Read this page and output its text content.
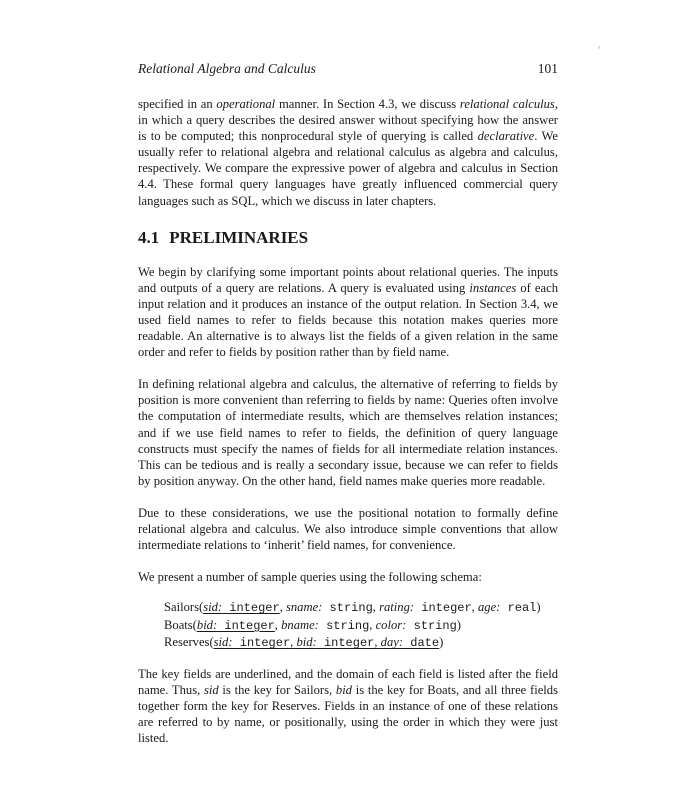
Relational Algebra and Calculus	101

specified in an operational manner. In Section 4.3, we discuss relational calculus, in which a query describes the desired answer without specifying how the answer is to be computed; this nonprocedural style of querying is called declarative. We usually refer to relational algebra and relational calculus as algebra and calculus, respectively. We compare the expressive power of algebra and calculus in Section 4.4. These formal query languages have greatly influenced commercial query languages such as SQL, which we discuss in later chapters.

4.1 PRELIMINARIES

We begin by clarifying some important points about relational queries. The inputs and outputs of a query are relations. A query is evaluated using instances of each input relation and it produces an instance of the output relation. In Section 3.4, we used field names to refer to fields because this notation makes queries more readable. An alternative is to always list the fields of a given relation in the same order and refer to fields by position rather than by field name.

In defining relational algebra and calculus, the alternative of referring to fields by position is more convenient than referring to fields by name: Queries often involve the computation of intermediate results, which are themselves relation instances; and if we use field names to refer to fields, the definition of query language constructs must specify the names of fields for all intermediate relation instances. This can be tedious and is really a secondary issue, because we can refer to fields by position anyway. On the other hand, field names make queries more readable.

Due to these considerations, we use the positional notation to formally define relational algebra and calculus. We also introduce simple conventions that allow intermediate relations to ‘inherit’ field names, for convenience.

We present a number of sample queries using the following schema:

Sailors(sid: integer, sname: string, rating: integer, age: real)
Boats(bid: integer, bname: string, color: string)
Reserves(sid: integer, bid: integer, day: date)

The key fields are underlined, and the domain of each field is listed after the field name. Thus, sid is the key for Sailors, bid is the key for Boats, and all three fields together form the key for Reserves. Fields in an instance of one of these relations are referred to by name, or positionally, using the order in which they were just listed.
